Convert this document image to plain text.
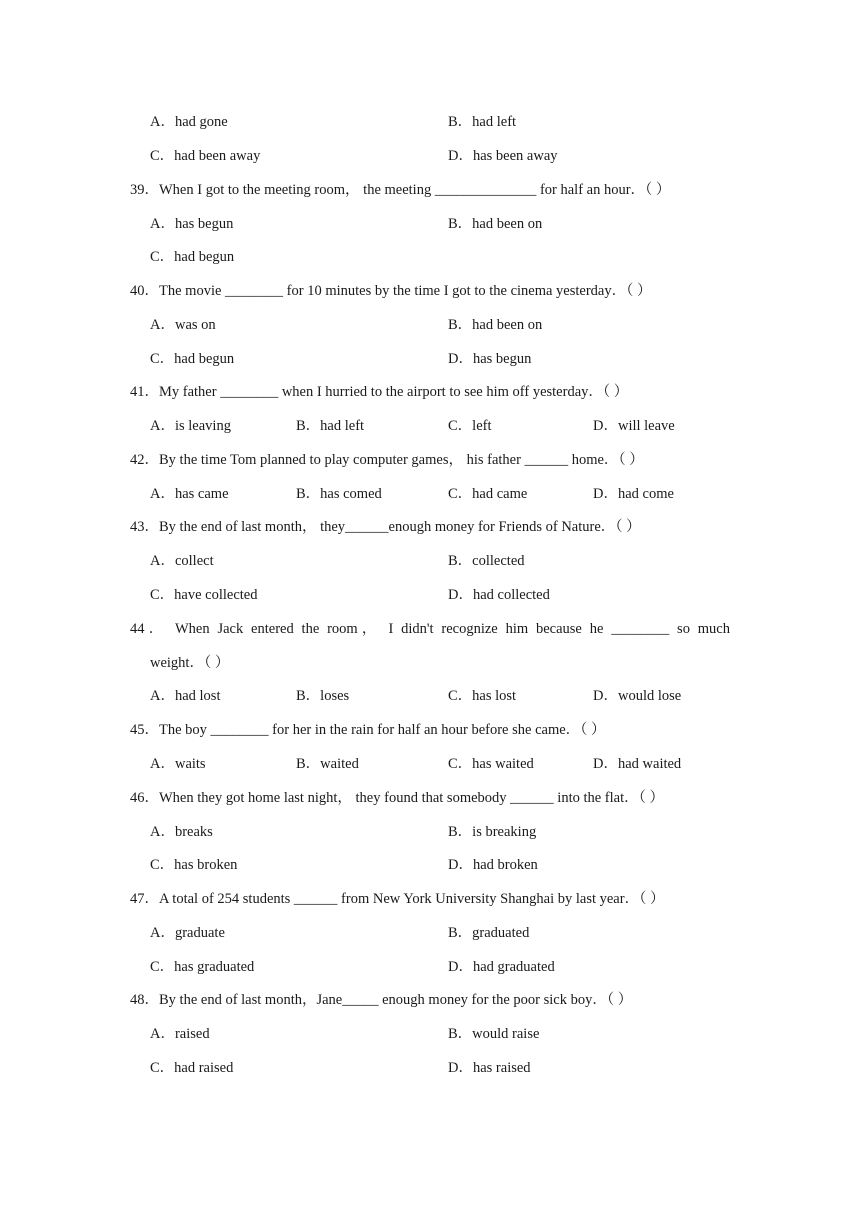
A．had gone	B．had left
C．had been away	D．has been away
39．When I got to the meeting room， the meeting ______________ for half an hour．（ ）
A．has begun	B．had been on
C．had begun
40．The movie ________ for 10 minutes by the time I got to the cinema yesterday．（ ）
A．was on	B．had been on
C．had begun	D．has begun
41．My father ________ when I hurried to the airport to see him off yesterday．（ ）
A．is leaving	B．had left	C．left	D．will leave
42．By the time Tom planned to play computer games， his father ______ home．（ ）
A．has came	B．has comed	C．had came	D．had come
43．By the end of last month， they______enough money for Friends of Nature．（ ）
A．collect	B．collected
C．have collected	D．had collected
44． When Jack entered the room， I didn't recognize him because he ________ so much
weight．（ ）
A．had lost	B．loses	C．has lost	D．would lose
45．The boy ________ for her in the rain for half an hour before she came．（ ）
A．waits	B．waited	C．has waited	D．had waited
46．When they got home last night， they found that somebody ______ into the flat．（ ）
A．breaks	B．is breaking
C．has broken	D．had broken
47．A total of 254 students ______ from New York University Shanghai by last year．（ ）
A．graduate	B．graduated
C．has graduated	D．had graduated
48．By the end of last month，Jane_____ enough money for the poor sick boy．（ ）
A．raised	B．would raise
C．had raised	D．has raised
